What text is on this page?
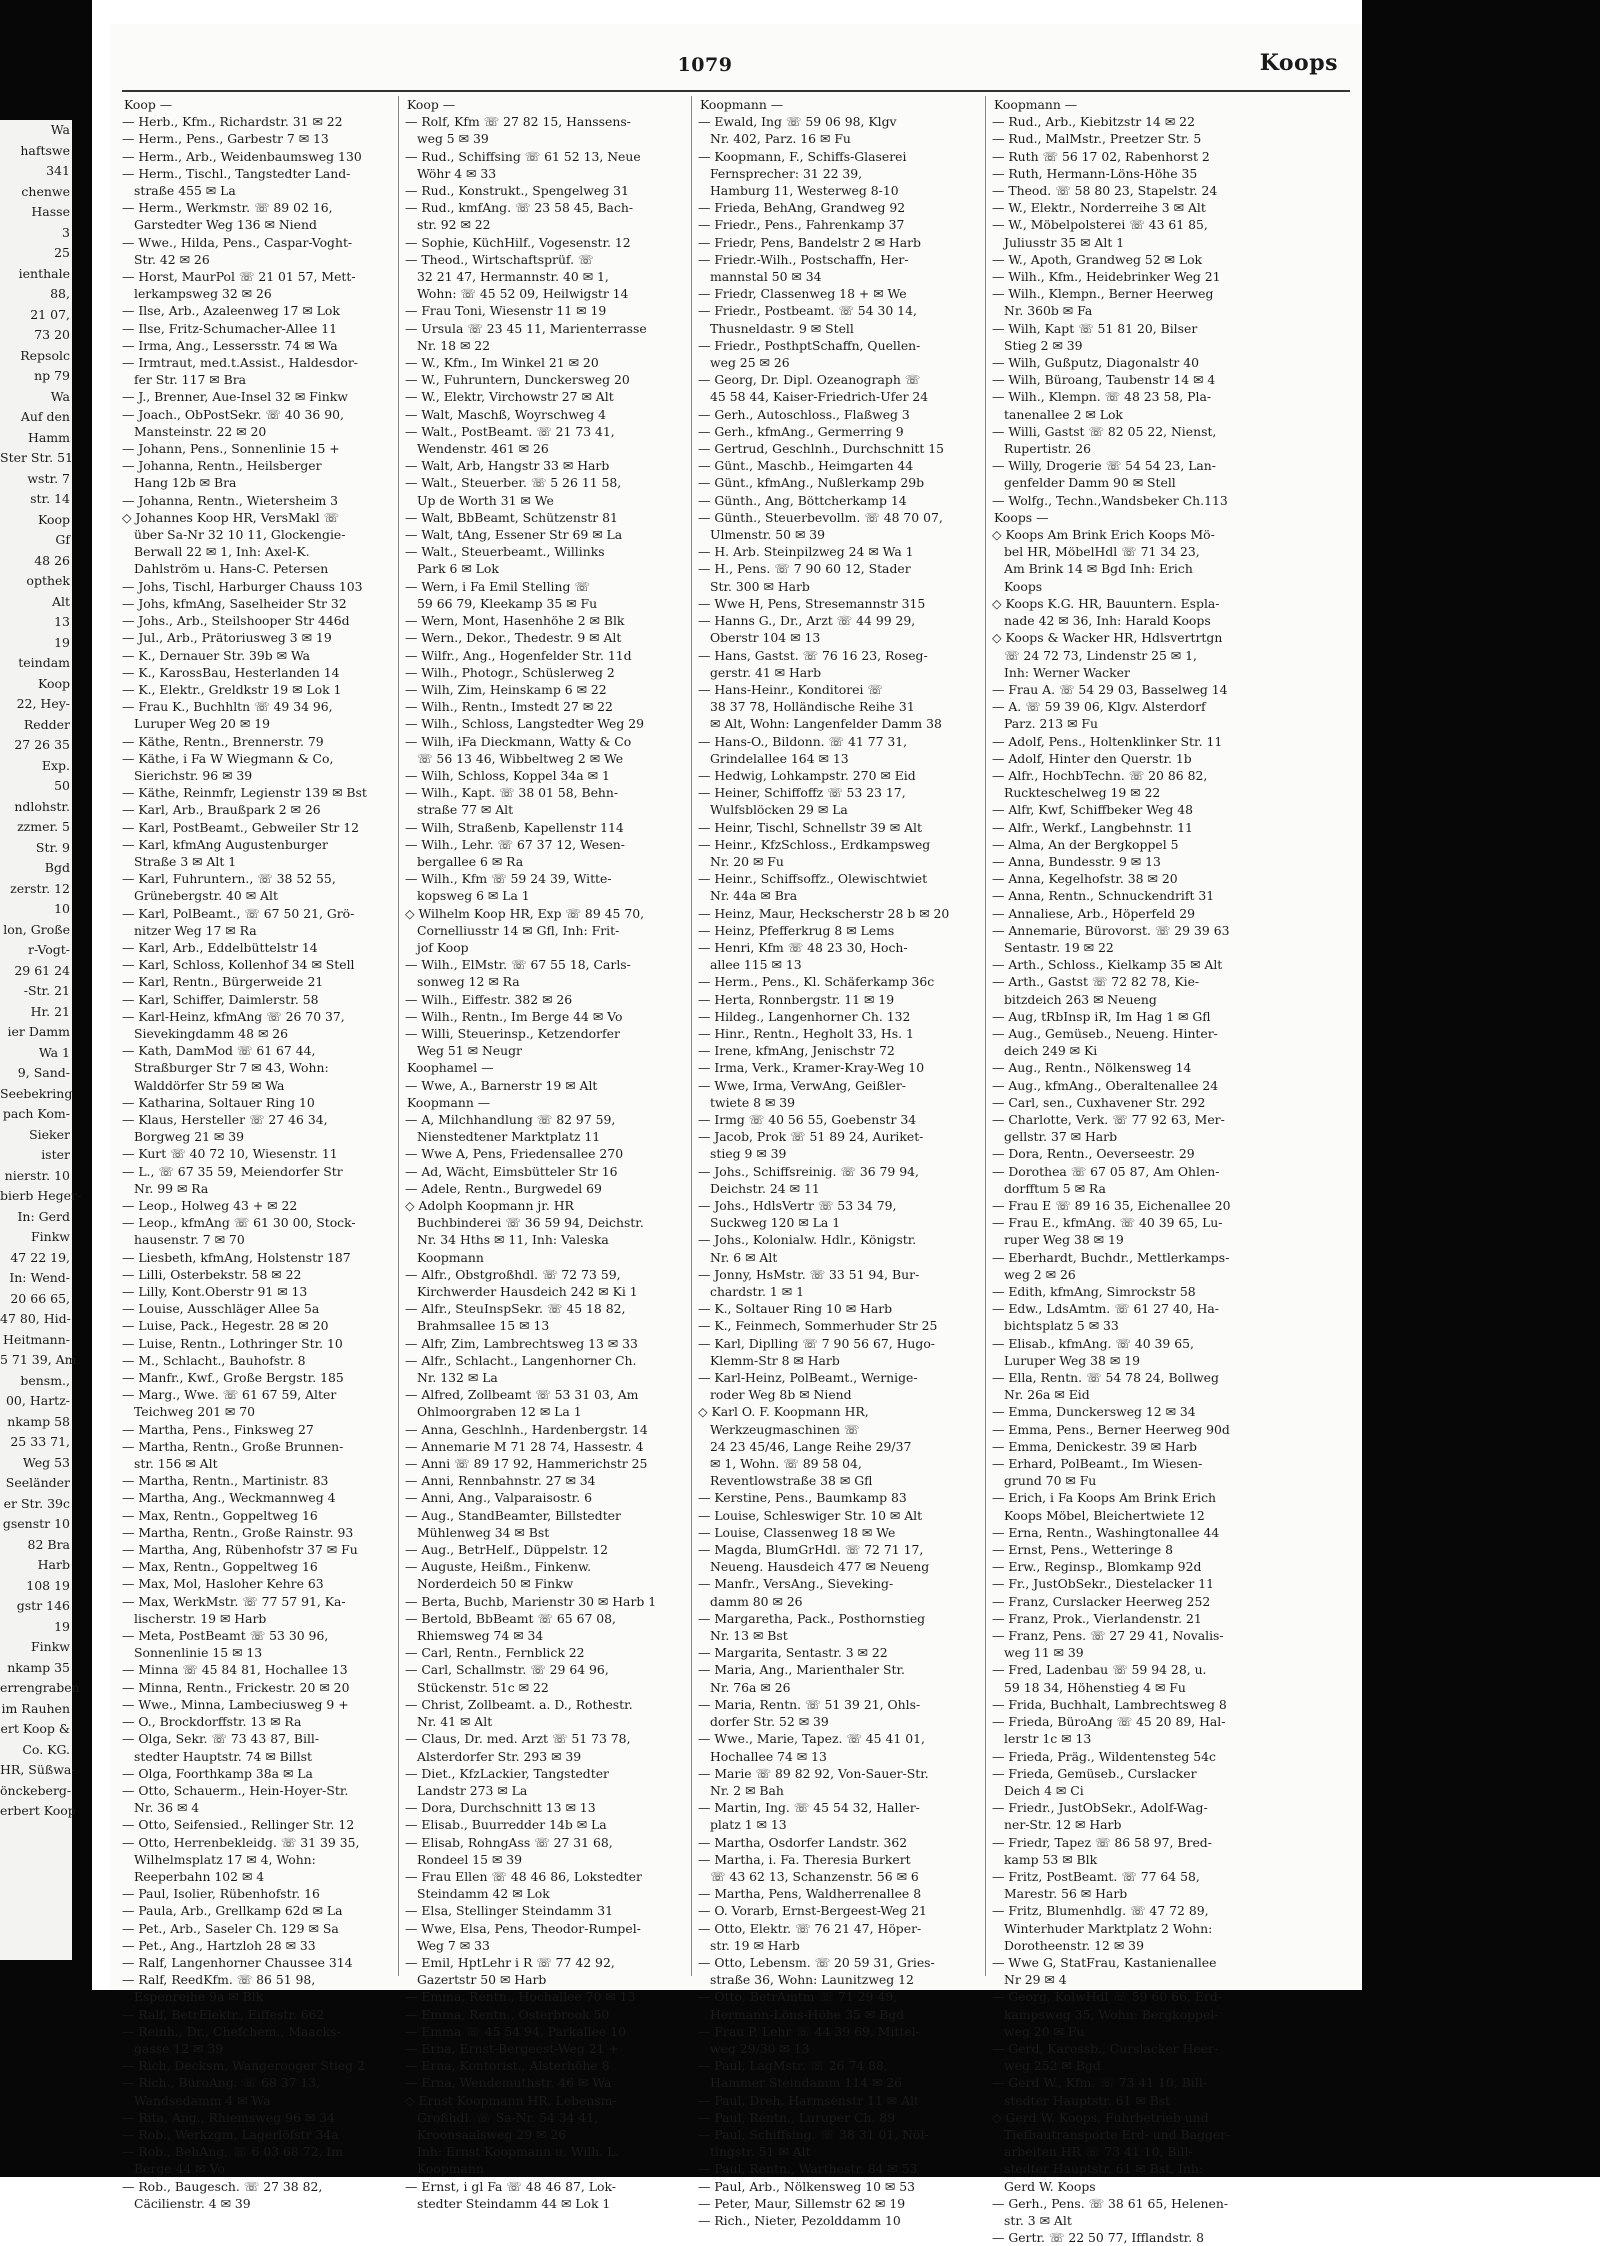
Wa
haftswe
341
chenwe
Hasse
3
25
ienthale
88,
21 07,
73 20
Repsolc
np 79
Wa
Auf den
Hamm
Ster Str. 51
wstr. 7
str. 14
Koop
Gf
48 26
opthek
Alt
13
19
teindam
Koop
22, Hey-
Redder
27 26 35
Exp.
50
ndlohstr.
zzmer. 5
Str. 9
Bgd
zerstr. 12
10
lon, Große
r-Vogt-
29 61 24
-Str. 21
Hr. 21
ier Damm
Wa 1
9, Sand-
Seebekring
pach Kom-
Sieker
ister
nierstr. 10
bierb Heger-
In: Gerd
Finkw
47 22 19,
In: Wend-
20 66 65,
47 80, Hid-
Heitmann-
5 71 39, Am
bensm.,
00, Hartz-
nkamp 58
25 33 71,
Weg 53
Seeländer
er Str. 39c
gsenstr 10
82 Bra
Harb
108 19
gstr 146
19
Finkw
nkamp 35
errengraben
im Rauhen
ert Koop &
Co. KG.
HR, Süßwa-
önckeberg-
erbert Koop
1079	Koops
Koop —
— Herb., Kfm., Richardstr. 31 ✉ 22
— Herm., Pens., Garbestr 7 ✉ 13
— Herm., Arb., Weidenbaumsweg 130
— Herm., Tischl., Tangstedter Land-
straße 455 ✉ La
— Herm., Werkmstr. ☏ 89 02 16,
Garstedter Weg 136 ✉ Niend
— Wwe., Hilda, Pens., Caspar-Voght-
Str. 42 ✉ 26
— Horst, MaurPol ☏ 21 01 57, Mett-
lerkampsweg 32 ✉ 26
— Ilse, Arb., Azaleenweg 17 ✉ Lok
— Ilse, Fritz-Schumacher-Allee 11
— Irma, Ang., Lessersstr. 74 ✉ Wa
— Irmtraut, med.t.Assist., Haldesdor-
fer Str. 117 ✉ Bra
— J., Brenner, Aue-Insel 32 ✉ Finkw
— Joach., ObPostSekr. ☏ 40 36 90,
Mansteinstr. 22 ✉ 20
— Johann, Pens., Sonnenlinie 15 +
— Johanna, Rentn., Heilsberger
Hang 12b ✉ Bra
— Johanna, Rentn., Wietersheim 3
◇ Johannes Koop HR, VersMakl ☏
über Sa-Nr 32 10 11, Glockengie-
Berwall 22 ✉ 1, Inh: Axel-K.
Dahlström u. Hans-C. Petersen
— Johs, Tischl, Harburger Chauss 103
— Johs, kfmAng, Saselheider Str 32
— Johs., Arb., Steilshooper Str 446d
— Jul., Arb., Prätoriusweg 3 ✉ 19
— K., Dernauer Str. 39b ✉ Wa
— K., KarossBau, Hesterlanden 14
— K., Elektr., Greldkstr 19 ✉ Lok 1
— Frau K., Buchhltn ☏ 49 34 96,
Luruper Weg 20 ✉ 19
— Käthe, Rentn., Brennerstr. 79
— Käthe, i Fa W Wiegmann & Co,
Sierichstr. 96 ✉ 39
— Käthe, Reinmfr, Legienstr 139 ✉ Bst
— Karl, Arb., Braußpark 2 ✉ 26
— Karl, PostBeamt., Gebweiler Str 12
— Karl, kfmAng Augustenburger
Straße 3 ✉ Alt 1
— Karl, Fuhruntern., ☏ 38 52 55,
Grünebergstr. 40 ✉ Alt
— Karl, PolBeamt., ☏ 67 50 21, Grö-
nitzer Weg 17 ✉ Ra
— Karl, Arb., Eddelbüttelstr 14
— Karl, Schloss, Kollenhof 34 ✉ Stell
— Karl, Rentn., Bürgerweide 21
— Karl, Schiffer, Daimlerstr. 58
— Karl-Heinz, kfmAng ☏ 26 70 37,
Sievekingdamm 48 ✉ 26
— Kath, DamMod ☏ 61 67 44,
Straßburger Str 7 ✉ 43, Wohn:
Walddörfer Str 59 ✉ Wa
— Katharina, Soltauer Ring 10
— Klaus, Hersteller ☏ 27 46 34,
Borgweg 21 ✉ 39
— Kurt ☏ 40 72 10, Wiesenstr. 11
— L., ☏ 67 35 59, Meiendorfer Str
Nr. 99 ✉ Ra
— Leop., Holweg 43 + ✉ 22
— Leop., kfmAng ☏ 61 30 00, Stock-
hausenstr. 7 ✉ 70
— Liesbeth, kfmAng, Holstenstr 187
— Lilli, Osterbekstr. 58 ✉ 22
— Lilly, Kont.Oberstr 91 ✉ 13
— Louise, Ausschläger Allee 5a
— Luise, Pack., Hegestr. 28 ✉ 20
— Luise, Rentn., Lothringer Str. 10
— M., Schlacht., Bauhofstr. 8
— Manfr., Kwf., Große Bergstr. 185
— Marg., Wwe. ☏ 61 67 59, Alter
Teichweg 201 ✉ 70
— Martha, Pens., Finksweg 27
— Martha, Rentn., Große Brunnen-
str. 156 ✉ Alt
— Martha, Rentn., Martinistr. 83
— Martha, Ang., Weckmannweg 4
— Max, Rentn., Goppeltweg 16
— Martha, Rentn., Große Rainstr. 93
— Martha, Ang, Rübenhofstr 37 ✉ Fu
— Max, Rentn., Goppeltweg 16
— Max, Mol, Hasloher Kehre 63
— Max, WerkMstr. ☏ 77 57 91, Ka-
lischerstr. 19 ✉ Harb
— Meta, PostBeamt ☏ 53 30 96,
Sonnenlinie 15 ✉ 13
— Minna ☏ 45 84 81, Hochallee 13
— Minna, Rentn., Frickestr. 20 ✉ 20
— Wwe., Minna, Lambeciusweg 9 +
— O., Brockdorffstr. 13 ✉ Ra
— Olga, Sekr. ☏ 73 43 87, Bill-
stedter Hauptstr. 74 ✉ Billst
— Olga, Foorthkamp 38a ✉ La
— Otto, Schauerm., Hein-Hoyer-Str.
Nr. 36 ✉ 4
— Otto, Seifensied., Rellinger Str. 12
— Otto, Herrenbekleidg. ☏ 31 39 35,
Wilhelmsplatz 17 ✉ 4, Wohn:
Reeperbahn 102 ✉ 4
— Paul, Isolier, Rübenhofstr. 16
— Paula, Arb., Grellkamp 62d ✉ La
— Pet., Arb., Saseler Ch. 129 ✉ Sa
— Pet., Ang., Hartzloh 28 ✉ 33
— Ralf, Langenhorner Chaussee 314
— Ralf, ReedKfm. ☏ 86 51 98,
Espenreihe 9a ✉ Blk
— Ralf, BetrElektr., Eiffestr. 662
— Reinh., Dr., Chefchem., Maacks-
gasse 12 ✉ 39
— Rich, Decksm, Wangerooger Stieg 2
— Rich., BüroAng. ☏ 68 37 13,
Wandsedamm 4 ✉ Wa
— Rita, Ang., Rhiemsweg 96 ✉ 34
— Rob., Werkzgm, Lagerlöfstr 34a
— Rob., BehAng, ☏ 6 03 68 72, Im
Berge 44 ✉ Vo
— Rob., Baugesch. ☏ 27 38 82,
Cäcilienstr. 4 ✉ 39
Koop —
— Rolf, Kfm ☏ 27 82 15, Hanssens-
weg 5 ✉ 39
— Rud., Schiffsing ☏ 61 52 13, Neue
Wöhr 4 ✉ 33
— Rud., Konstrukt., Spengelweg 31
— Rud., kmfAng. ☏ 23 58 45, Bach-
str. 92 ✉ 22
— Sophie, KüchHilf., Vogesenstr. 12
— Theod., Wirtschaftsprüf. ☏
32 21 47, Hermannstr. 40 ✉ 1,
Wohn: ☏ 45 52 09, Heilwigstr 14
— Frau Toni, Wiesenstr 11 ✉ 19
— Ursula ☏ 23 45 11, Marienterrasse
Nr. 18 ✉ 22
— W., Kfm., Im Winkel 21 ✉ 20
— W., Fuhruntern, Dunckersweg 20
— W., Elektr, Virchowstr 27 ✉ Alt
— Walt, Maschß, Woyrschweg 4
— Walt., PostBeamt. ☏ 21 73 41,
Wendenstr. 461 ✉ 26
— Walt, Arb, Hangstr 33 ✉ Harb
— Walt., Steuerber. ☏ 5 26 11 58,
Up de Worth 31 ✉ We
— Walt, BbBeamt, Schützenstr 81
— Walt, tAng, Essener Str 69 ✉ La
— Walt., Steuerbeamt., Willinks
Park 6 ✉ Lok
— Wern, i Fa Emil Stelling ☏
59 66 79, Kleekamp 35 ✉ Fu
— Wern, Mont, Hasenhöhe 2 ✉ Blk
— Wern., Dekor., Thedestr. 9 ✉ Alt
— Wilfr., Ang., Hogenfelder Str. 11d
— Wilh., Photogr., Schüslerweg 2
— Wilh, Zim, Heinskamp 6 ✉ 22
— Wilh., Rentn., Imstedt 27 ✉ 22
— Wilh., Schloss, Langstedter Weg 29
— Wilh, iFa Dieckmann, Watty & Co
☏ 56 13 46, Wibbeltweg 2 ✉ We
— Wilh, Schloss, Koppel 34a ✉ 1
— Wilh., Kapt. ☏ 38 01 58, Behn-
straße 77 ✉ Alt
— Wilh, Straßenb, Kapellenstr 114
— Wilh., Lehr. ☏ 67 37 12, Wesen-
bergallee 6 ✉ Ra
— Wilh., Kfm ☏ 59 24 39, Witte-
kopsweg 6 ✉ La 1
◇ Wilhelm Koop HR, Exp ☏ 89 45 70,
Cornelliusstr 14 ✉ Gfl, Inh: Frit-
jof Koop
— Wilh., ElMstr. ☏ 67 55 18, Carls-
sonweg 12 ✉ Ra
— Wilh., Eiffestr. 382 ✉ 26
— Wilh., Rentn., Im Berge 44 ✉ Vo
— Willi, Steuerinsp., Ketzendorfer
Weg 51 ✉ Neugr
Koophamel —
— Wwe, A., Barnerstr 19 ✉ Alt
Koopmann —
— A, Milchhandlung ☏ 82 97 59,
Nienstedtener Marktplatz 11
— Wwe A, Pens, Friedensallee 270
— Ad, Wächt, Eimsbütteler Str 16
— Adele, Rentn., Burgwedel 69
◇ Adolph Koopmann jr. HR
Buchbinderei ☏ 36 59 94, Deichstr.
Nr. 34 Hths ✉ 11, Inh: Valeska
Koopmann
— Alfr., Obstgroßhdl. ☏ 72 73 59,
Kirchwerder Hausdeich 242 ✉ Ki 1
— Alfr., SteuInspSekr. ☏ 45 18 82,
Brahmsallee 15 ✉ 13
— Alfr, Zim, Lambrechtsweg 13 ✉ 33
— Alfr., Schlacht., Langenhorner Ch.
Nr. 132 ✉ La
— Alfred, Zollbeamt ☏ 53 31 03, Am
Ohlmoorgraben 12 ✉ La 1
— Anna, Geschlnh., Hardenbergstr. 14
— Annemarie M 71 28 74, Hassestr. 4
— Anni ☏ 89 17 92, Hammerichstr 25
— Anni, Rennbahnstr. 27 ✉ 34
— Anni, Ang., Valparaisostr. 6
— Aug., StandBeamter, Billstedter
Mühlenweg 34 ✉ Bst
— Aug., BetrHelf., Düppelstr. 12
— Auguste, Heißm., Finkenw.
Norderdeich 50 ✉ Finkw
— Berta, Buchb, Marienstr 30 ✉ Harb 1
— Bertold, BbBeamt ☏ 65 67 08,
Rhiemsweg 74 ✉ 34
— Carl, Rentn., Fernblick 22
— Carl, Schallmstr. ☏ 29 64 96,
Stückenstr. 51c ✉ 22
— Christ, Zollbeamt. a. D., Rothestr.
Nr. 41 ✉ Alt
— Claus, Dr. med. Arzt ☏ 51 73 78,
Alsterdorfer Str. 293 ✉ 39
— Diet., KfzLackier, Tangstedter
Landstr 273 ✉ La
— Dora, Durchschnitt 13 ✉ 13
— Elisab., Buurredder 14b ✉ La
— Elisab, RohngAss ☏ 27 31 68,
Rondeel 15 ✉ 39
— Frau Ellen ☏ 48 46 86, Lokstedter
Steindamm 42 ✉ Lok
— Elsa, Stellinger Steindamm 31
— Wwe, Elsa, Pens, Theodor-Rumpel-
Weg 7 ✉ 33
— Emil, HptLehr i R ☏ 77 42 92,
Gazertstr 50 ✉ Harb
— Emma, Rentn., Hochallee 70 ✉ 13
— Emma, Rentn., Osterbrook 50
— Emma ☏ 45 54 94, Parkallee 10
— Erna, Ernst-Bergeest-Weg 21 +
— Erna, Kontorist., Alsterhöhe 8
— Erna, Wendemuthstr. 46 ✉ Wa
◇ Ernst Koopmann HR, Lebensm-
Großhdl. ☏ Sa-Nr. 54 34 41,
Kroonsaalsweg 29 ✉ 26
Inh: Ernst Koopmann u. Wilh. L.
Koopmann
— Ernst, i gl Fa ☏ 48 46 87, Lok-
stedter Steindamm 44 ✉ Lok 1
Koopmann —
— Ewald, Ing ☏ 59 06 98, Klgv
Nr. 402, Parz. 16 ✉ Fu
— Koopmann, F., Schiffs-Glaserei
Fernsprecher: 31 22 39,
Hamburg 11, Westerweg 8-10
— Frieda, BehAng, Grandweg 92
— Friedr., Pens., Fahrenkamp 37
— Friedr, Pens, Bandelstr 2 ✉ Harb
— Friedr.-Wilh., Postschaffn, Her-
mannstal 50 ✉ 34
— Friedr, Classenweg 18 + ✉ We
— Friedr., Postbeamt. ☏ 54 30 14,
Thusneldastr. 9 ✉ Stell
— Friedr., PosthptSchaffn, Quellen-
weg 25 ✉ 26
— Georg, Dr. Dipl. Ozeanograph ☏
45 58 44, Kaiser-Friedrich-Ufer 24
— Gerh., Autoschloss., Flaßweg 3
— Gerh., kfmAng., Germerring 9
— Gertrud, Geschlnh., Durchschnitt 15
— Günt., Maschb., Heimgarten 44
— Günt., kfmAng., Nußlerkamp 29b
— Günth., Ang, Böttcherkamp 14
— Günth., Steuerbevollm. ☏ 48 70 07,
Ulmenstr. 50 ✉ 39
— H. Arb. Steinpilzweg 24 ✉ Wa 1
— H., Pens. ☏ 7 90 60 12, Stader
Str. 300 ✉ Harb
— Wwe H, Pens, Stresemannstr 315
— Hanns G., Dr., Arzt ☏ 44 99 29,
Oberstr 104 ✉ 13
— Hans, Gastst. ☏ 76 16 23, Roseg-
gerstr. 41 ✉ Harb
— Hans-Heinr., Konditorei ☏
38 37 78, Holländische Reihe 31
✉ Alt, Wohn: Langenfelder Damm 38
— Hans-O., Bildonn. ☏ 41 77 31,
Grindelallee 164 ✉ 13
— Hedwig, Lohkampstr. 270 ✉ Eid
— Heiner, Schiffoffz ☏ 53 23 17,
Wulfsblöcken 29 ✉ La
— Heinr, Tischl, Schnellstr 39 ✉ Alt
— Heinr., KfzSchloss., Erdkampsweg
Nr. 20 ✉ Fu
— Heinr., Schiffsoffz., Olewischtwiet
Nr. 44a ✉ Bra
— Heinz, Maur, Heckscherstr 28 b ✉ 20
— Heinz, Pfefferkrug 8 ✉ Lems
— Henri, Kfm ☏ 48 23 30, Hoch-
allee 115 ✉ 13
— Herm., Pens., Kl. Schäferkamp 36c
— Herta, Ronnbergstr. 11 ✉ 19
— Hildeg., Langenhorner Ch. 132
— Hinr., Rentn., Hegholt 33, Hs. 1
— Irene, kfmAng, Jenischstr 72
— Irma, Verk., Kramer-Kray-Weg 10
— Wwe, Irma, VerwAng, Geißler-
twiete 8 ✉ 39
— Irmg ☏ 40 56 55, Goebenstr 34
— Jacob, Prok ☏ 51 89 24, Auriket-
stieg 9 ✉ 39
— Johs., Schiffsreinig. ☏ 36 79 94,
Deichstr. 24 ✉ 11
— Johs., HdlsVertr ☏ 53 34 79,
Suckweg 120 ✉ La 1
— Johs., Kolonialw. Hdlr., Königstr.
Nr. 6 ✉ Alt
— Jonny, HsMstr. ☏ 33 51 94, Bur-
chardstr. 1 ✉ 1
— K., Soltauer Ring 10 ✉ Harb
— K., Feinmech, Sommerhuder Str 25
— Karl, Diplling ☏ 7 90 56 67, Hugo-
Klemm-Str 8 ✉ Harb
— Karl-Heinz, PolBeamt., Wernige-
roder Weg 8b ✉ Niend
◇ Karl O. F. Koopmann HR,
Werkzeugmaschinen ☏
24 23 45/46, Lange Reihe 29/37
✉ 1, Wohn. ☏ 89 58 04,
Reventlowstraße 38 ✉ Gfl
— Kerstine, Pens., Baumkamp 83
— Louise, Schleswiger Str. 10 ✉ Alt
— Louise, Classenweg 18 ✉ We
— Magda, BlumGrHdl. ☏ 72 71 17,
Neueng. Hausdeich 477 ✉ Neueng
— Manfr., VersAng., Sieveking-
damm 80 ✉ 26
— Margaretha, Pack., Posthornstieg
Nr. 13 ✉ Bst
— Margarita, Sentastr. 3 ✉ 22
— Maria, Ang., Marienthaler Str.
Nr. 76a ✉ 26
— Maria, Rentn. ☏ 51 39 21, Ohls-
dorfer Str. 52 ✉ 39
— Wwe., Marie, Tapez. ☏ 45 41 01,
Hochallee 74 ✉ 13
— Marie ☏ 89 82 92, Von-Sauer-Str.
Nr. 2 ✉ Bah
— Martin, Ing. ☏ 45 54 32, Haller-
platz 1 ✉ 13
— Martha, Osdorfer Landstr. 362
— Martha, i. Fa. Theresia Burkert
☏ 43 62 13, Schanzenstr. 56 ✉ 6
— Martha, Pens, Waldherrenallee 8
— O. Vorarb, Ernst-Bergeest-Weg 21
— Otto, Elektr. ☏ 76 21 47, Höper-
str. 19 ✉ Harb
— Otto, Lebensm. ☏ 20 59 31, Gries-
straße 36, Wohn: Launitzweg 12
— Otto, BetrAmtm ☏ 71 29 49,
Hermann-Löns-Höhe 35 ✉ Bgd
— Frau P, Lehr ☏ 44 39 69, Mittel-
weg 29/30 ✉ 13
— Paul, LagMstr. ☏ 26 74 88,
Hammer Steindamm 114 ✉ 26
— Paul, Dreh, Harmsenstr 11 ✉ Alt
— Paul, Rentn., Luruper Ch. 89
— Paul, Schiffsing. ☏ 38 31 01, Nöl-
tingstr. 51 ✉ Alt
— Paul, Rentn., Warthestr. 84 ✉ 53
— Paul, Arb., Nölkensweg 10 ✉ 53
— Peter, Maur, Sillemstr 62 ✉ 19
— Rich., Nieter, Pezolddamm 10
Koopmann —
— Rud., Arb., Kiebitzstr 14 ✉ 22
— Rud., MalMstr., Preetzer Str. 5
— Ruth ☏ 56 17 02, Rabenhorst 2
— Ruth, Hermann-Löns-Höhe 35
— Theod. ☏ 58 80 23, Stapelstr. 24
— W., Elektr., Norderreihe 3 ✉ Alt
— W., Möbelpolsterei ☏ 43 61 85,
Juliusstr 35 ✉ Alt 1
— W., Apoth, Grandweg 52 ✉ Lok
— Wilh., Kfm., Heidebrinker Weg 21
— Wilh., Klempn., Berner Heerweg
Nr. 360b ✉ Fa
— Wilh, Kapt ☏ 51 81 20, Bilser
Stieg 2 ✉ 39
— Wilh, Gußputz, Diagonalstr 40
— Wilh, Büroang, Taubenstr 14 ✉ 4
— Wilh., Klempn. ☏ 48 23 58, Pla-
tanenallee 2 ✉ Lok
— Willi, Gastst ☏ 82 05 22, Nienst,
Rupertistr. 26
— Willy, Drogerie ☏ 54 54 23, Lan-
genfelder Damm 90 ✉ Stell
— Wolfg., Techn.,Wandsbeker Ch.113
Koops —
◇ Koops Am Brink Erich Koops Mö-
bel HR, MöbelHdl ☏ 71 34 23,
Am Brink 14 ✉ Bgd Inh: Erich
Koops
◇ Koops K.G. HR, Bauuntern. Espla-
nade 42 ✉ 36, Inh: Harald Koops
◇ Koops & Wacker HR, Hdlsvertrtgn
☏ 24 72 73, Lindenstr 25 ✉ 1,
Inh: Werner Wacker
— Frau A. ☏ 54 29 03, Basselweg 14
— A. ☏ 59 39 06, Klgv. Alsterdorf
Parz. 213 ✉ Fu
— Adolf, Pens., Holtenklinker Str. 11
— Adolf, Hinter den Querstr. 1b
— Alfr., HochbTechn. ☏ 20 86 82,
Ruckteschelweg 19 ✉ 22
— Alfr, Kwf, Schiffbeker Weg 48
— Alfr., Werkf., Langbehnstr. 11
— Alma, An der Bergkoppel 5
— Anna, Bundesstr. 9 ✉ 13
— Anna, Kegelhofstr. 38 ✉ 20
— Anna, Rentn., Schnuckendrift 31
— Annaliese, Arb., Höperfeld 29
— Annemarie, Bürovorst. ☏ 29 39 63
Sentastr. 19 ✉ 22
— Arth., Schloss., Kielkamp 35 ✉ Alt
— Arth., Gastst ☏ 72 82 78, Kie-
bitzdeich 263 ✉ Neueng
— Aug, tRbInsp iR, Im Hag 1 ✉ Gfl
— Aug., Gemüseb., Neueng. Hinter-
deich 249 ✉ Ki
— Aug., Rentn., Nölkensweg 14
— Aug., kfmAng., Oberaltenallee 24
— Carl, sen., Cuxhavener Str. 292
— Charlotte, Verk. ☏ 77 92 63, Mer-
gellstr. 37 ✉ Harb
— Dora, Rentn., Oeverseestr. 29
— Dorothea ☏ 67 05 87, Am Ohlen-
dorfftum 5 ✉ Ra
— Frau E ☏ 89 16 35, Eichenallee 20
— Frau E., kfmAng. ☏ 40 39 65, Lu-
ruper Weg 38 ✉ 19
— Eberhardt, Buchdr., Mettlerkamps-
weg 2 ✉ 26
— Edith, kfmAng, Simrockstr 58
— Edw., LdsAmtm. ☏ 61 27 40, Ha-
bichtsplatz 5 ✉ 33
— Elisab., kfmAng. ☏ 40 39 65,
Luruper Weg 38 ✉ 19
— Ella, Rentn. ☏ 54 78 24, Bollweg
Nr. 26a ✉ Eid
— Emma, Dunckersweg 12 ✉ 34
— Emma, Pens., Berner Heerweg 90d
— Emma, Denickestr. 39 ✉ Harb
— Erhard, PolBeamt., Im Wiesen-
grund 70 ✉ Fu
— Erich, i Fa Koops Am Brink Erich
Koops Möbel, Bleichertwiete 12
— Erna, Rentn., Washingtonallee 44
— Ernst, Pens., Wetteringe 8
— Erw., Reginsp., Blomkamp 92d
— Fr., JustObSekr., Diestelacker 11
— Franz, Curslacker Heerweg 252
— Franz, Prok., Vierlandenstr. 21
— Franz, Pens. ☏ 27 29 41, Novalis-
weg 11 ✉ 39
— Fred, Ladenbau ☏ 59 94 28, u.
59 18 34, Höhenstieg 4 ✉ Fu
— Frida, Buchhalt, Lambrechtsweg 8
— Frieda, BüroAng ☏ 45 20 89, Hal-
lerstr 1c ✉ 13
— Frieda, Präg., Wildentensteg 54c
— Frieda, Gemüseb., Curslacker
Deich 4 ✉ Ci
— Friedr., JustObSekr., Adolf-Wag-
ner-Str. 12 ✉ Harb
— Friedr, Tapez ☏ 86 58 97, Bred-
kamp 53 ✉ Blk
— Fritz, PostBeamt. ☏ 77 64 58,
Marestr. 56 ✉ Harb
— Fritz, Blumenhdlg. ☏ 47 72 89,
Winterhuder Marktplatz 2 Wohn:
Dorotheenstr. 12 ✉ 39
— Wwe G, StatFrau, Kastanienallee
Nr 29 ✉ 4
— Georg, KolwHdl ☏ 59 60 66, Erd-
kampsweg 35, Wohn: Bergkoppel-
weg 20 ✉ Fu
— Gerd, Karossb., Curslacker Heer-
weg 252 ✉ Bgd
— Gerd W., Kfm. ☏ 73 41 10, Bill-
stedter Hauptstr. 61 ✉ Bst
◇ Gerd W. Koops, Fuhrbetrieb und
Tiefbautransporte Erd- und Bagger-
arbeiten HR ☏ 73 41 10, Bill-
stedter Hauptstr. 61 ✉ Bst, Inh:
Gerd W. Koops
— Gerh., Pens. ☏ 38 61 65, Helenen-
str. 3 ✉ Alt
— Gertr. ☏ 22 50 77, Ifflandstr. 8
